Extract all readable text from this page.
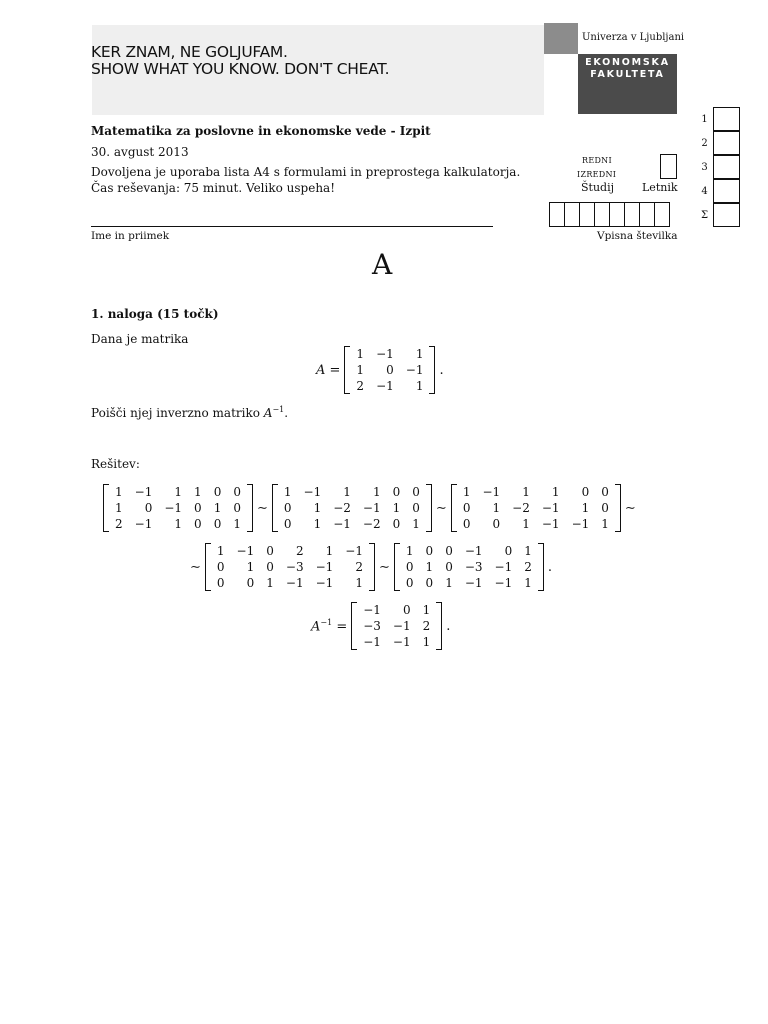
KER ZNAM, NE GOLJUFAM.
SHOW WHAT YOU KNOW. DON'T CHEAT.
Univerza v Ljubljani
EKONOMSKA
FAKULTETA
1
2
3
4
Σ
Matematika za poslovne in ekonomske vede - Izpit
30. avgust 2013
Dovoljena je uporaba lista A4 s formulami in preprostega kalkulatorja.
Čas reševanja: 75 minut. Veliko uspeha!
REDNI
IZREDNI
Študij	Letnik
Ime in priimek	Vpisna številka
A
1. naloga (15 točk)
Dana je matrika
A =
1	−1	1
1	0	−1
2	−1	1
.
Poišči njej inverzno matriko $A^{-1}$.
Rešitev:
1	−1	1	1	0	0
1	0	−1	0	1	0
2	−1	1	0	0	1
∼
1	−1	1	1	0	0
0	1	−2	−1	1	0
0	1	−1	−2	0	1
∼
1	−1	1	1	0	0
0	1	−2	−1	1	0
0	0	1	−1	−1	1
∼
∼
1	−1	0	2	1	−1
0	1	0	−3	−1	2
0	0	1	−1	−1	1
∼
1	0	0	−1	0	1
0	1	0	−3	−1	2
0	0	1	−1	−1	1
.
$A^{-1}$ =
−1	0	1
−3	−1	2
−1	−1	1
.
